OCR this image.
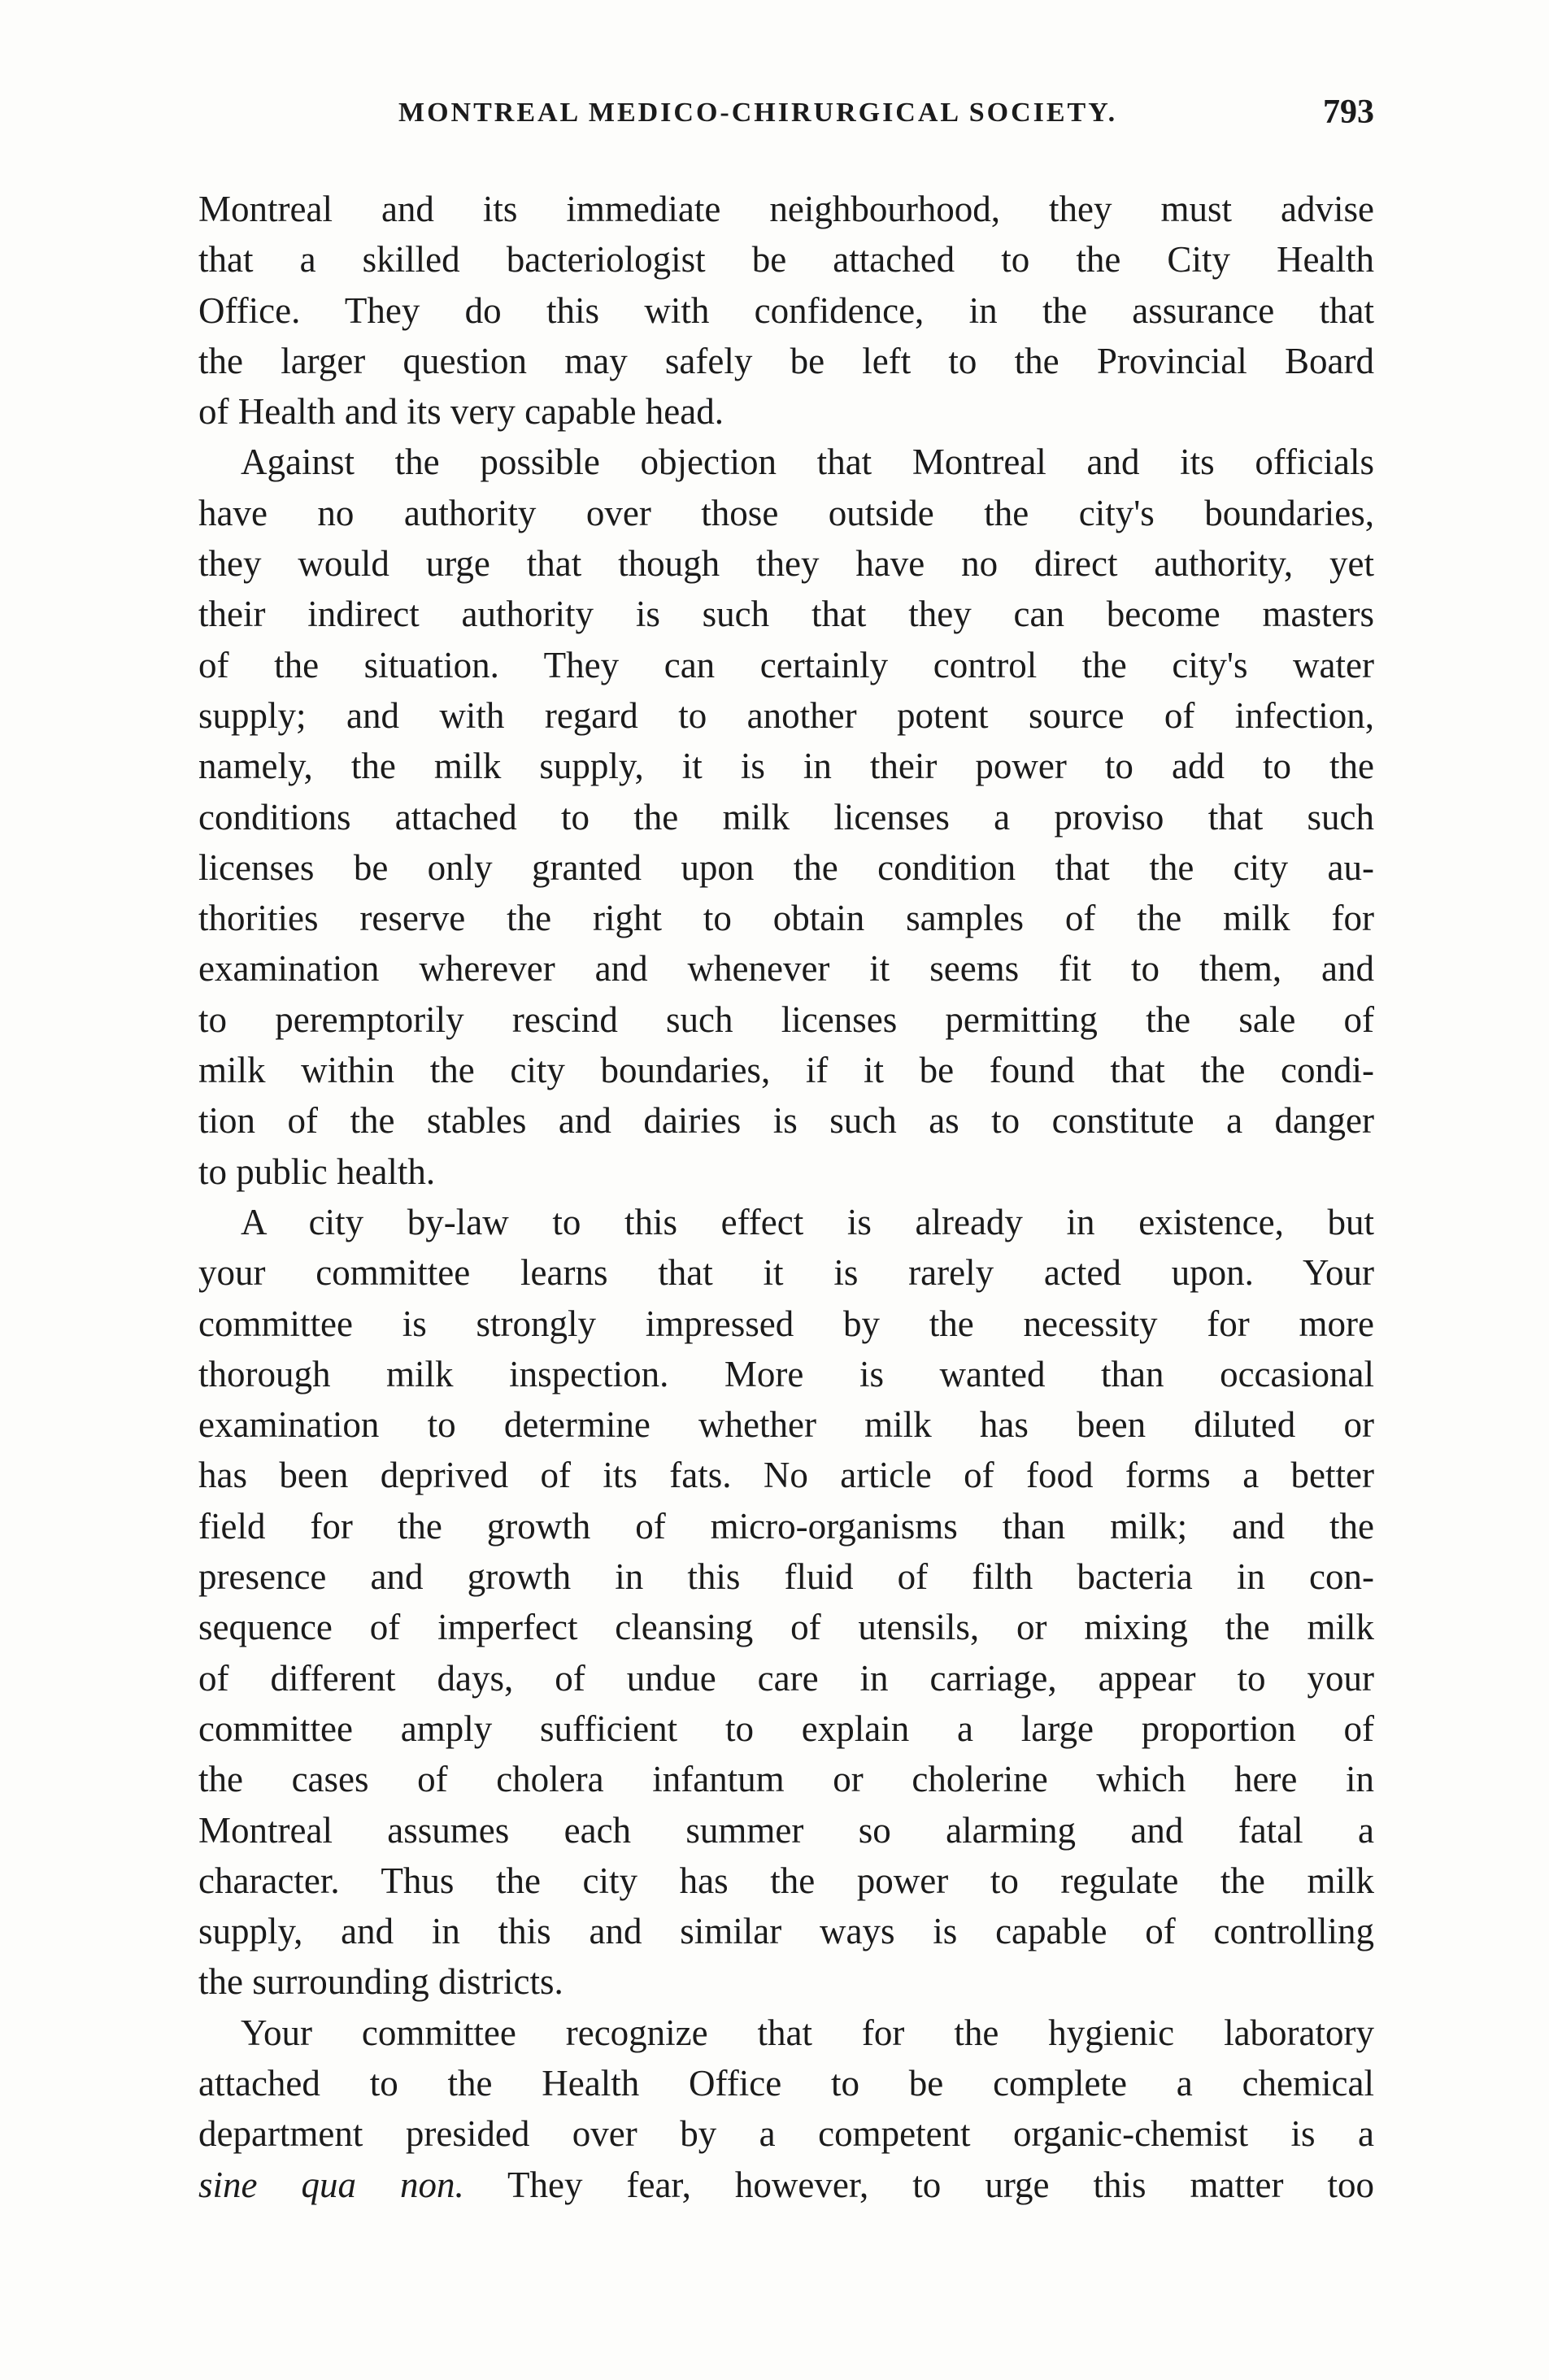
MONTREAL MEDICO-CHIRURGICAL SOCIETY.	793
Montreal and its immediate neighbourhood, they must advise
that a skilled bacteriologist be attached to the City Health
Office. They do this with confidence, in the assurance that
the larger question may safely be left to the Provincial Board
of Health and its very capable head.
Against the possible objection that Montreal and its officials
have no authority over those outside the city's boundaries,
they would urge that though they have no direct authority, yet
their indirect authority is such that they can become masters
of the situation. They can certainly control the city's water
supply; and with regard to another potent source of infection,
namely, the milk supply, it is in their power to add to the
conditions attached to the milk licenses a proviso that such
licenses be only granted upon the condition that the city au-
thorities reserve the right to obtain samples of the milk for
examination wherever and whenever it seems fit to them, and
to peremptorily rescind such licenses permitting the sale of
milk within the city boundaries, if it be found that the condi-
tion of the stables and dairies is such as to constitute a danger
to public health.
A city by-law to this effect is already in existence, but
your committee learns that it is rarely acted upon. Your
committee is strongly impressed by the necessity for more
thorough milk inspection. More is wanted than occasional
examination to determine whether milk has been diluted or
has been deprived of its fats. No article of food forms a better
field for the growth of micro-organisms than milk; and the
presence and growth in this fluid of filth bacteria in con-
sequence of imperfect cleansing of utensils, or mixing the milk
of different days, of undue care in carriage, appear to your
committee amply sufficient to explain a large proportion of
the cases of cholera infantum or cholerine which here in
Montreal assumes each summer so alarming and fatal a
character. Thus the city has the power to regulate the milk
supply, and in this and similar ways is capable of controlling
the surrounding districts.
Your committee recognize that for the hygienic laboratory
attached to the Health Office to be complete a chemical
department presided over by a competent organic-chemist is a
sine qua non. They fear, however, to urge this matter too
